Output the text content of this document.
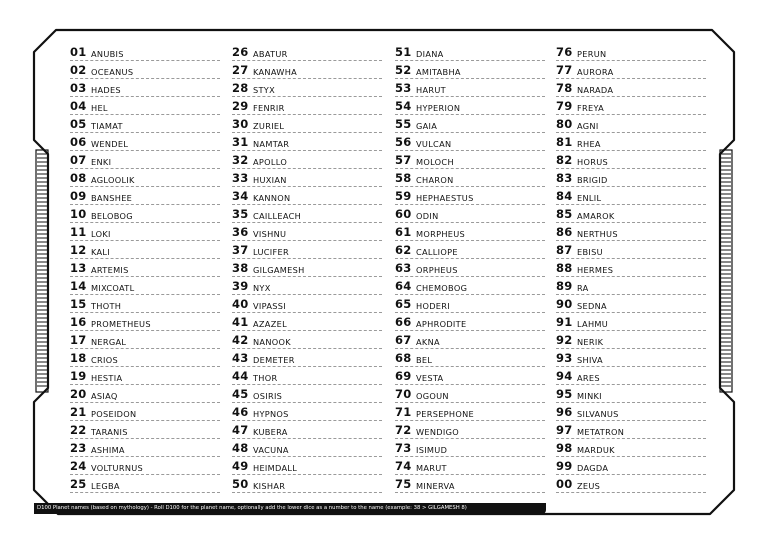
01 ANUBIS
02 OCEANUS
03 HADES
04 HEL
05 TIAMAT
06 WENDEL
07 ENKI
08 AGLOOLIK
09 BANSHEE
10 BELOBOG
11 LOKI
12 KALI
13 ARTEMIS
14 MIXCOATL
15 THOTH
16 PROMETHEUS
17 NERGAL
18 CRIOS
19 HESTIA
20 ASIAQ
21 POSEIDON
22 TARANIS
23 ASHIMA
24 VOLTURNUS
25 LEGBA
26 ABATUR
27 KANAWHA
28 STYX
29 FENRIR
30 ZURIEL
31 NAMTAR
32 APOLLO
33 HUXIAN
34 KANNON
35 CAILLEACH
36 VISHNU
37 LUCIFER
38 GILGAMESH
39 NYX
40 VIPASSI
41 AZAZEL
42 NANOOK
43 DEMETER
44 THOR
45 OSIRIS
46 HYPNOS
47 KUBERA
48 VACUNA
49 HEIMDALL
50 KISHAR
51 DIANA
52 AMITABHA
53 HARUT
54 HYPERION
55 GAIA
56 VULCAN
57 MOLOCH
58 CHARON
59 HEPHAESTUS
60 ODIN
61 MORPHEUS
62 CALLIOPE
63 ORPHEUS
64 CHEMOBOG
65 HODERI
66 APHRODITE
67 AKNA
68 BEL
69 VESTA
70 OGOUN
71 PERSEPHONE
72 WENDIGO
73 ISIMUD
74 MARUT
75 MINERVA
76 PERUN
77 AURORA
78 NARADA
79 FREYA
80 AGNI
81 RHEA
82 HORUS
83 BRIGID
84 ENLIL
85 AMAROK
86 NERTHUS
87 EBISU
88 HERMES
89 RA
90 SEDNA
91 LAHMU
92 NERIK
93 SHIVA
94 ARES
95 MINKI
96 SILVANUS
97 METATRON
98 MARDUK
99 DAGDA
00 ZEUS
D100 Planet names (based on mythology) - Roll D100 for the planet name, optionally add the lower dice as a number to the name (example: 38 > GILGAMESH 8)
